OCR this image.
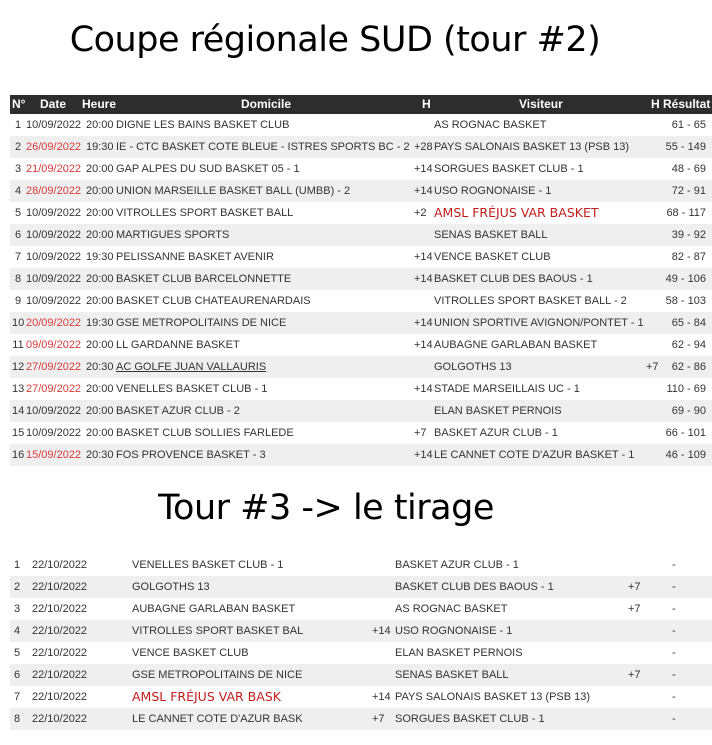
Coupe régionale SUD (tour #2)
N° Date Heure	Domicile	H	Visiteur	H Résultat
1 10/09/2022 20:00 DIGNE LES BAINS BASKET CLUB	AS ROGNAC BASKET	61 - 65
2 26/09/2022 19:30 IE - CTC BASKET COTE BLEUE - ISTRES SPORTS BC - 2 +28 PAYS SALONAIS BASKET 13 (PSB 13)	55 - 149
3 21/09/2022 20:00 GAP ALPES DU SUD BASKET 05 - 1	+14 SORGUES BASKET CLUB - 1	48 - 69
4 28/09/2022 20:00 UNION MARSEILLE BASKET BALL (UMBB) - 2	+14 USO ROGNONAISE - 1	72 - 91
5 10/09/2022 20:00 VITROLLES SPORT BASKET BALL	+2 AMSL FRÉJUS VAR BASKET	68 - 117
6 10/09/2022 20:00 MARTIGUES SPORTS	SENAS BASKET BALL	39 - 92
7 10/09/2022 19:30 PELISSANNE BASKET AVENIR	+14 VENCE BASKET CLUB	82 - 87
8 10/09/2022 20:00 BASKET CLUB BARCELONNETTE	+14 BASKET CLUB DES BAOUS - 1	49 - 106
9 10/09/2022 20:00 BASKET CLUB CHATEAURENARDAIS	VITROLLES SPORT BASKET BALL - 2	58 - 103
10 20/09/2022 19:30 GSE METROPOLITAINS DE NICE	+14 UNION SPORTIVE AVIGNON/PONTET - 1	65 - 84
11 09/09/2022 20:00 LL GARDANNE BASKET	+14 AUBAGNE GARLABAN BASKET	62 - 94
12 27/09/2022 20:30 AC GOLFE JUAN VALLAURIS	GOLGOTHS 13	+7	62 - 86
13 27/09/2022 20:00 VENELLES BASKET CLUB - 1	+14 STADE MARSEILLAIS UC - 1	110 - 69
14 10/09/2022 20:00 BASKET AZUR CLUB - 2	ELAN BASKET PERNOIS	69 - 90
15 10/09/2022 20:00 BASKET CLUB SOLLIES FARLEDE	+7 BASKET AZUR CLUB - 1	66 - 101
16 15/09/2022 20:30 FOS PROVENCE BASKET - 3	+14 LE CANNET COTE D'AZUR BASKET - 1	46 - 109
Tour #3 -> le tirage
1 22/10/2022	VENELLES BASKET CLUB - 1	BASKET AZUR CLUB - 1	-
2 22/10/2022	GOLGOTHS 13	BASKET CLUB DES BAOUS - 1	+7	-
3 22/10/2022	AUBAGNE GARLABAN BASKET	AS ROGNAC BASKET	+7	-
4 22/10/2022	VITROLLES SPORT BASKET BAL	+14 USO ROGNONAISE - 1	-
5 22/10/2022	VENCE BASKET CLUB	ELAN BASKET PERNOIS	-
6 22/10/2022	GSE METROPOLITAINS DE NICE	SENAS BASKET BALL	+7	-
7 22/10/2022	AMSL FRÉJUS VAR BASK	+14 PAYS SALONAIS BASKET 13 (PSB 13)	-
8 22/10/2022	LE CANNET COTE D'AZUR BASK	+7 SORGUES BASKET CLUB - 1	-
